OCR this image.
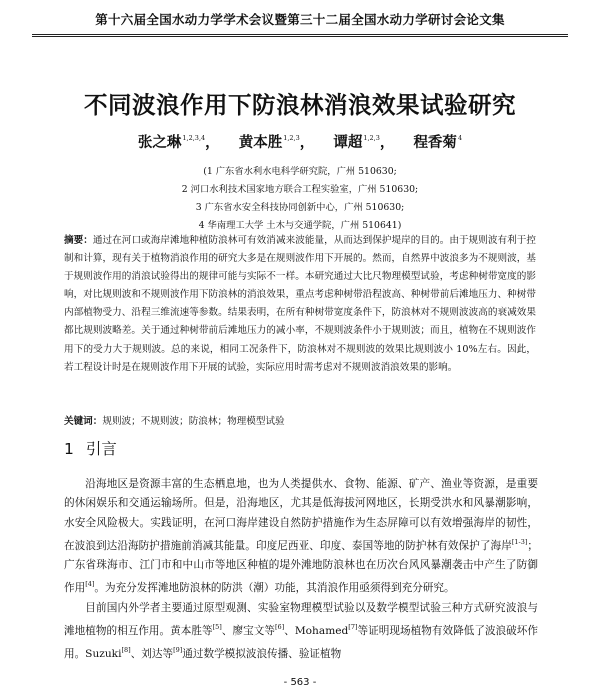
第十六届全国水动力学学术会议暨第三十二届全国水动力学研讨会论文集
不同波浪作用下防浪林消浪效果试验研究
张之琳$^{1,2,3,4}$， 黄本胜$^{1,2,3}$， 谭超$^{1,2,3}$， 程香菊$^4$
(1 广东省水利水电科学研究院，广州 510630;
2 河口水利技术国家地方联合工程实验室，广州 510630;
3 广东省水安全科技协同创新中心，广州 510630;
4 华南理工大学 土木与交通学院，广州 510641)
摘要：通过在河口或海岸滩地种植防浪林可有效消减来波能量，从而达到保护堤岸的目的。由于规则波有利于控制和计算，现有关于植物消浪作用的研究大多是在规则波作用下开展的。然而，自然界中波浪多为不规则波，基于规则波作用的消浪试验得出的规律可能与实际不一样。本研究通过大比尺物理模型试验，考虑种树带宽度的影响，对比规则波和不规则波作用下防浪林的消浪效果，重点考虑种树带沿程波高、种树带前后滩地压力、种树带内部植物受力、沿程三维流速等参数。结果表明，在所有种树带宽度条件下，防浪林对不规则波波高的衰减效果都比规则波略差。关于通过种树带前后滩地压力的减小率，不规则波条件小于规则波；而且，植物在不规则波作用下的受力大于规则波。总的来说，相同工况条件下，防浪林对不规则波的效果比规则波小 10%左右。因此，若工程设计时是在规则波作用下开展的试验，实际应用时需考虑对不规则波消浪效果的影响。
关键词：规则波；不规则波；防浪林；物理模型试验
1 引言

沿海地区是资源丰富的生态栖息地，也为人类提供水、食物、能源、矿产、渔业等资源，是重要的休闲娱乐和交通运输场所。但是，沿海地区，尤其是低海拔河网地区，长期受洪水和风暴潮影响，水安全风险极大。实践证明，在河口海岸建设自然防护措施作为生态屏障可以有效增强海岸的韧性，在波浪到达沿海防护措施前消减其能量。印度尼西亚、印度、泰国等地的防护林有效保护了海岸[1-3]；广东省珠海市、江门市和中山市等地区种植的堤外滩地防浪林也在历次台风风暴潮袭击中产生了防御作用[4]。为充分发挥滩地防浪林的防洪（潮）功能，其消浪作用亟须得到充分研究。

目前国内外学者主要通过原型观测、实验室物理模型试验以及数学模型试验三种方式研究波浪与滩地植物的相互作用。黄本胜等[5]、廖宝文等[6]、Mohamed[7]等证明现场植物有效降低了波浪破坏作用。Suzuki[8]、刘达等[9]通过数学模拟波浪传播、验证植物

- 563 -
